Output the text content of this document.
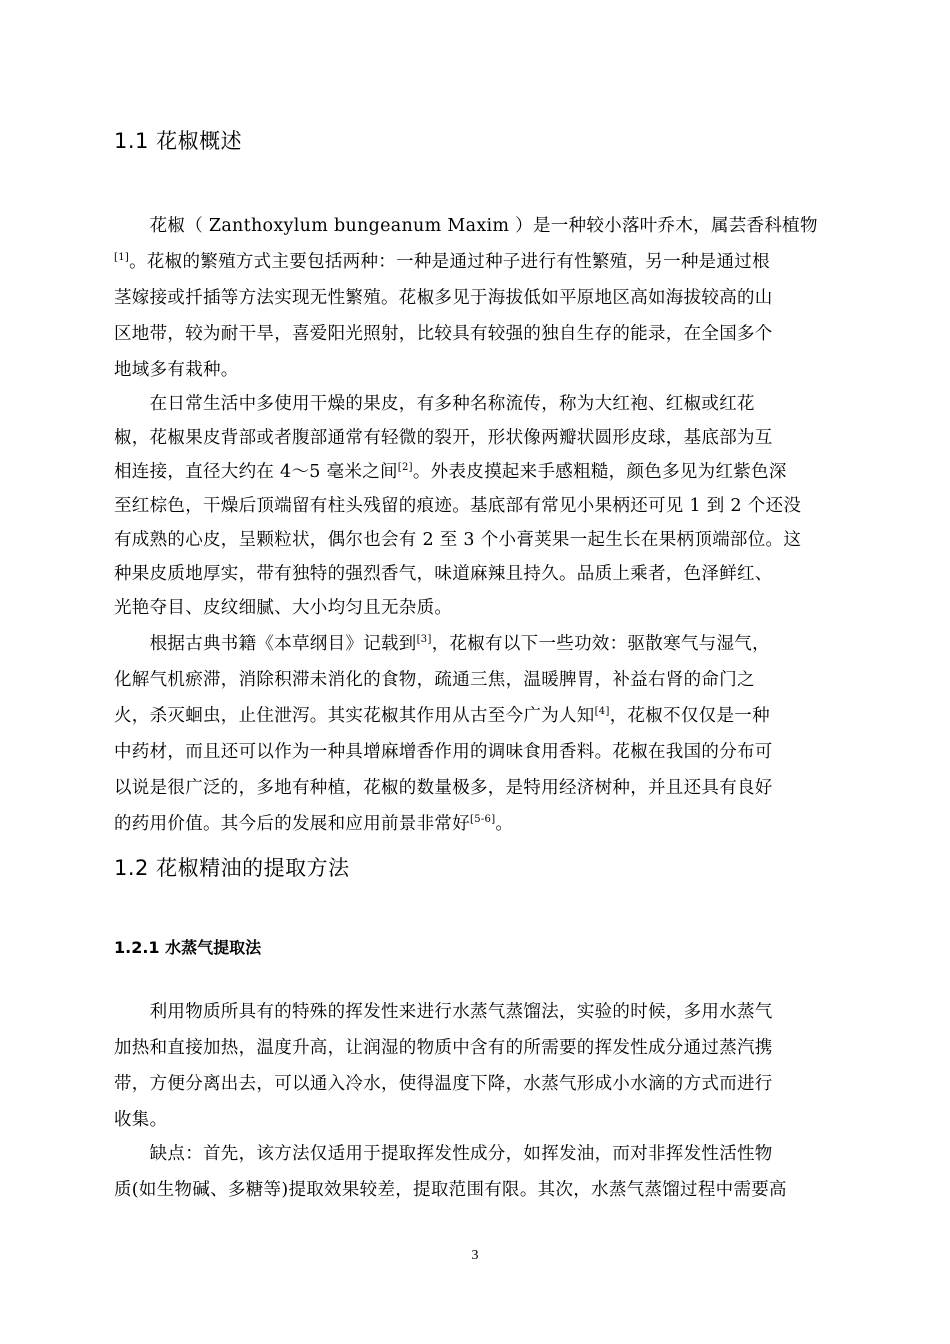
1.1 花椒概述
　　花椒（ Zanthoxylum bungeanum Maxim ）是一种较小落叶乔木，属芸香科植物
[1]。花椒的繁殖方式主要包括两种：一种是通过种子进行有性繁殖，另一种是通过根
茎嫁接或扦插等方法实现无性繁殖。花椒多见于海拔低如平原地区高如海拔较高的山
区地带，较为耐干旱，喜爱阳光照射，比较具有较强的独自生存的能录，在全国多个
地域多有栽种。
　　在日常生活中多使用干燥的果皮，有多种名称流传，称为大红袍、红椒或红花
椒，花椒果皮背部或者腹部通常有轻微的裂开，形状像两瓣状圆形皮球，基底部为互
相连接，直径大约在 4～5 毫米之间[2]。外表皮摸起来手感粗糙，颜色多见为红紫色深
至红棕色，干燥后顶端留有柱头残留的痕迹。基底部有常见小果柄还可见 1 到 2 个还没
有成熟的心皮，呈颗粒状，偶尔也会有 2 至 3 个小膏荚果一起生长在果柄顶端部位。这
种果皮质地厚实，带有独特的强烈香气，味道麻辣且持久。品质上乘者，色泽鲜红、
光艳夺目、皮纹细腻、大小均匀且无杂质。
　　根据古典书籍《本草纲目》记载到[3]，花椒有以下一些功效：驱散寒气与湿气，
化解气机瘀滞，消除积滞未消化的食物，疏通三焦，温暖脾胃，补益右肾的命门之
火，杀灭蛔虫，止住泄泻。其实花椒其作用从古至今广为人知[4]，花椒不仅仅是一种
中药材，而且还可以作为一种具增麻增香作用的调味食用香料。花椒在我国的分布可
以说是很广泛的，多地有种植，花椒的数量极多，是特用经济树种，并且还具有良好
的药用价值。其今后的发展和应用前景非常好[5-6]。
1.2 花椒精油的提取方法
1.2.1 水蒸气提取法
　　利用物质所具有的特殊的挥发性来进行水蒸气蒸馏法，实验的时候，多用水蒸气
加热和直接加热，温度升高，让润湿的物质中含有的所需要的挥发性成分通过蒸汽携
带，方便分离出去，可以通入冷水，使得温度下降，水蒸气形成小水滴的方式而进行
收集。
　　缺点：首先，该方法仅适用于提取挥发性成分，如挥发油，而对非挥发性活性物
质(如生物碱、多糖等)提取效果较差，提取范围有限。其次，水蒸气蒸馏过程中需要高
3
